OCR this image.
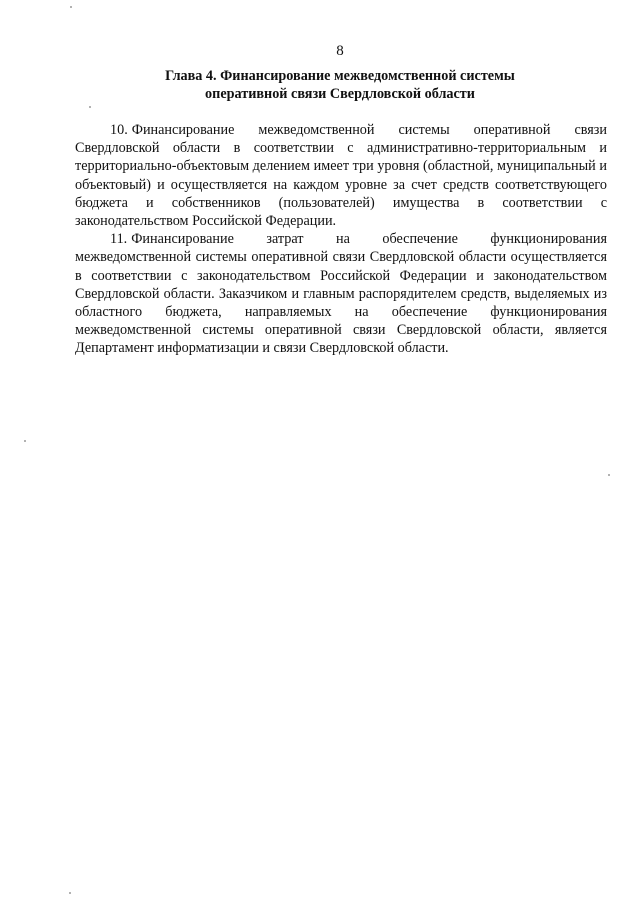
8
Глава 4. Финансирование межведомственной системы
оперативной связи Свердловской области

10. Финансирование межведомственной системы оперативной связи Свердловской области в соответствии с административно-территориальным и территориально-объектовым делением имеет три уровня (областной, муниципальный и объектовый) и осуществляется на каждом уровне за счет средств соответствующего бюджета и собственников (пользователей) имущества в соответствии с законодательством Российской Федерации.

11. Финансирование затрат на обеспечение функционирования межведомственной системы оперативной связи Свердловской области осуществляется в соответствии с законодательством Российской Федерации и законодательством Свердловской области. Заказчиком и главным распорядителем средств, выделяемых из областного бюджета, направляемых на обеспечение функционирования межведомственной системы оперативной связи Свердловской области, является Департамент информатизации и связи Свердловской области.
